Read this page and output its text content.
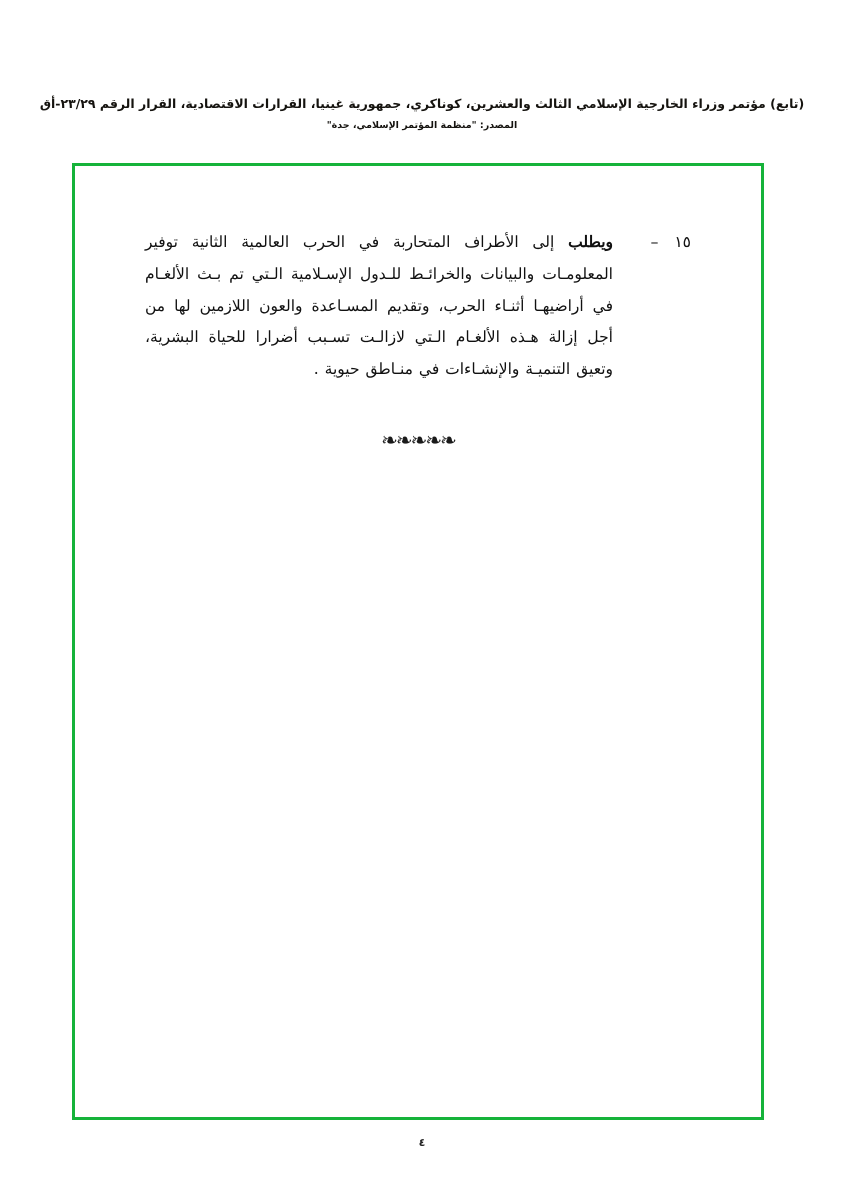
(تابع) مؤتمر وزراء الخارجية الإسلامي الثالث والعشرين، كوناكري، جمهورية غينيا، القرارات الاقتصادية، القرار الرقم ٢٣/٢٩-أق
المصدر: "منظمة المؤتمر الإسلامي، جدة"
١٥–
ويطلب إلى الأطراف المتحاربة في الحرب العالمية الثانية توفير المعلومـات والبيانات والخرائـط للـدول الإسـلامية الـتي تم بـث الألغـام في أراضيهـا أثنـاء الحرب، وتقديم المسـاعدة والعون اللازمين لها من أجل إزالة هـذه الألغـام الـتي لازالـت تسـبب أضرارا للحياة البشرية، وتعيق التنميـة والإنشـاءات في منـاطق حيوية .
❧❧❧❧❧
٤
